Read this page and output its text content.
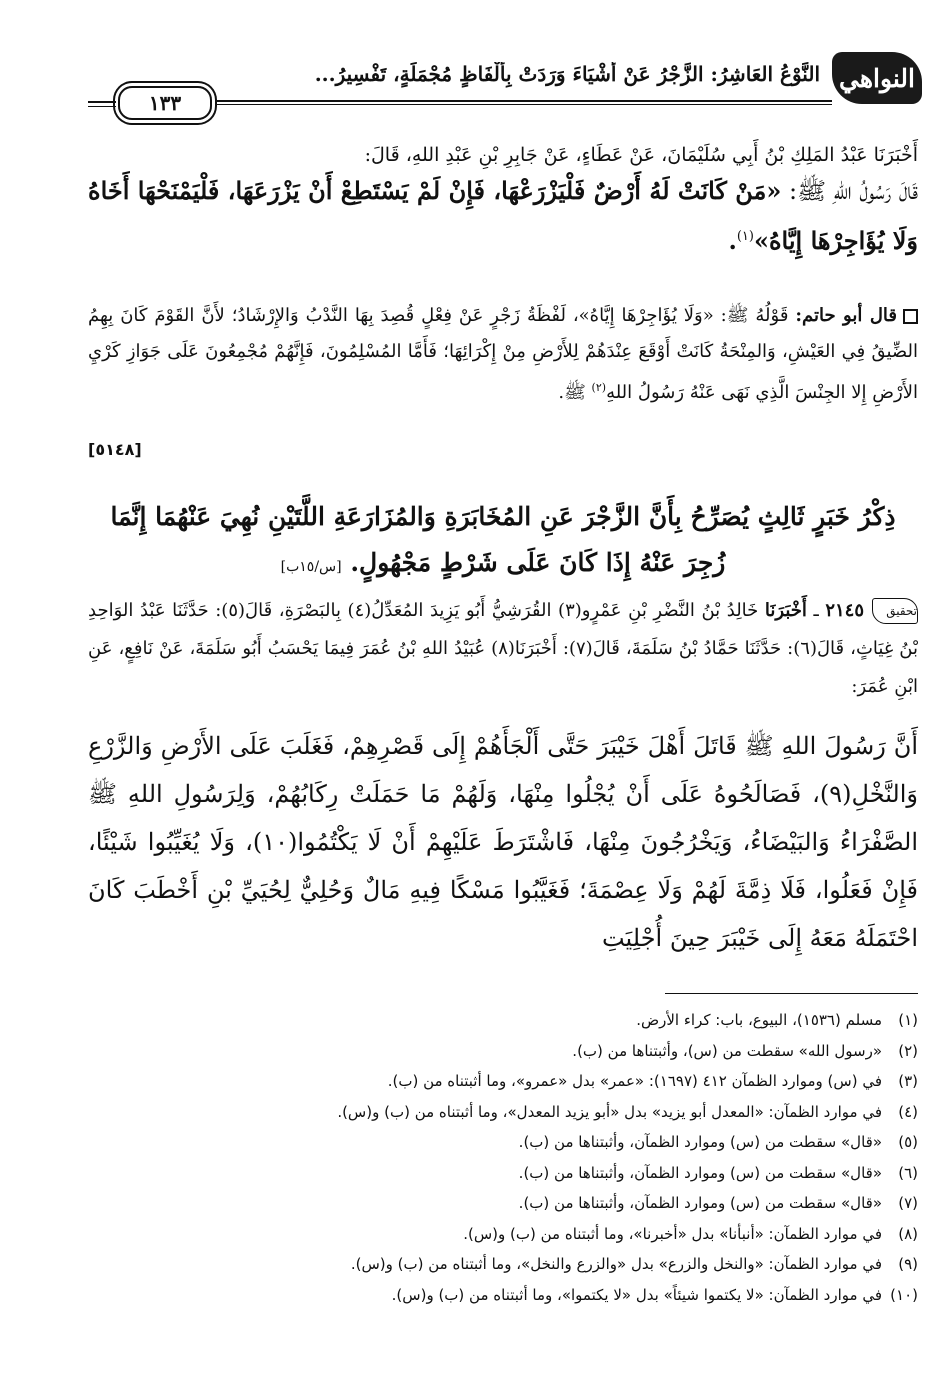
النواهي
النَّوْعُ العَاشِرُ: الزَّجْرُ عَنْ أَشْيَاءَ وَرَدَتْ بِأَلْفَاظٍ مُجْمَلَةٍ، تَفْسِيرُ...
١٣٣
أَخْبَرَنَا عَبْدُ المَلِكِ بْنُ أَبِي سُلَيْمَانَ، عَنْ عَطَاءٍ، عَنْ جَابِرِ بْنِ عَبْدِ اللهِ، قَالَ:
قَالَ رَسُولُ اللهِ ﷺ: «مَنْ كَانَتْ لَهُ أَرْضٌ فَلْيَزْرَعْهَا، فَإِنْ لَمْ يَسْتَطِعْ أَنْ يَزْرَعَهَا، فَلْيَمْنَحْهَا أَخَاهُ وَلَا يُؤَاجِرْهَا إِيَّاهُ»$^{(١)}$.
قال أبو حاتم: قَوْلُهُ ﷺ: «وَلَا يُؤَاجِرْهَا إِيَّاهُ»، لَفْظَةُ زَجْرٍ عَنْ فِعْلٍ قُصِدَ بِهَا النَّدْبُ وَالإِرْشَادُ؛ لأَنَّ القَوْمَ كَانَ بِهِمُ الضِّيقُ فِي العَيْشِ، وَالمِنْحَةُ كَانَتْ أَوْقَعَ عِنْدَهُمْ لِلأَرْضِ مِنْ إِكْرَائِهَا؛ فَأَمَّا المُسْلِمُونَ، فَإِنَّهُمْ مُجْمِعُونَ عَلَى جَوَازِ كَرْيِ الأَرْضِ إِلا الجِنْسَ الَّذِي نَهَى عَنْهُ رَسُولُ اللهِ$^{(٢)}$ ﷺ.
[٥١٤٨]
ذِكْرُ خَبَرٍ ثَالِثٍ يُصَرِّحُ بِأَنَّ الزَّجْرَ عَنِ المُخَابَرَةِ وَالمُزَارَعَةِ اللَّتَيْنِ نُهِيَ عَنْهُمَا إِنَّمَا زُجِرَ عَنْهُ إِذَا كَانَ عَلَى شَرْطٍ مَجْهُولٍ. [س/١٥ب]
تحقيق٢١٤٥ ـ أَخْبَرَنَا خَالِدُ بْنُ النَّضْرِ بْنِ عَمْرٍو(٣) القُرَشِيُّ أَبُو يَزِيدَ المُعَدِّلُ(٤) بِالبَصْرَةِ، قَالَ(٥): حَدَّثَنَا عَبْدُ الوَاحِدِ بْنُ غِيَاثٍ، قَالَ(٦): حَدَّثَنَا حَمَّادُ بْنُ سَلَمَةَ، قَالَ(٧): أَخْبَرَنَا(٨) عُبَيْدُ اللهِ بْنُ عُمَرَ فِيمَا يَحْسَبُ أَبُو سَلَمَةَ، عَنْ نَافِعٍ، عَنِ ابْنِ عُمَرَ:
أَنَّ رَسُولَ اللهِ ﷺ قَاتَلَ أَهْلَ خَيْبَرَ حَتَّى أَلْجَأَهُمْ إِلَى قَصْرِهِمْ، فَغَلَبَ عَلَى الأَرْضِ وَالزَّرْعِ وَالنَّخْلِ(٩)، فَصَالَحُوهُ عَلَى أَنْ يُجْلُوا مِنْهَا، وَلَهُمْ مَا حَمَلَتْ رِكَابُهُمْ، وَلِرَسُولِ اللهِ ﷺ الصَّفْرَاءُ وَالبَيْضَاءُ، وَيَخْرُجُونَ مِنْهَا، فَاشْتَرَطَ عَلَيْهِمْ أَنْ لَا يَكْتُمُوا(١٠)، وَلَا يُغَيِّبُوا شَيْئًا، فَإِنْ فَعَلُوا، فَلَا ذِمَّةَ لَهُمْ وَلَا عِصْمَةَ؛ فَغَيَّبُوا مَسْكًا فِيهِ مَالٌ وَحُلِيٌّ لِحُيَيِّ بْنِ أَخْطَبَ كَانَ احْتَمَلَهُ مَعَهُ إِلَى خَيْبَرَ حِينَ أُجْلِيَتِ
(١)
مسلم (١٥٣٦)، البيوع، باب: كراء الأرض.
(٢)
«رسول الله» سقطت من (س)، وأثبتناها من (ب).
(٣)
في (س) وموارد الظمآن ٤١٢ (١٦٩٧): «عمر» بدل «عمرو»، وما أثبتناه من (ب).
(٤)
في موارد الظمآن: «المعدل أبو يزيد» بدل «أبو يزيد المعدل»، وما أثبتناه من (ب) و(س).
(٥)
«قال» سقطت من (س) وموارد الظمآن، وأثبتناها من (ب).
(٦)
«قال» سقطت من (س) وموارد الظمآن، وأثبتناها من (ب).
(٧)
«قال» سقطت من (س) وموارد الظمآن، وأثبتناها من (ب).
(٨)
في موارد الظمآن: «أنبأنا» بدل «أخبرنا»، وما أثبتناه من (ب) و(س).
(٩)
في موارد الظمآن: «والنخل والزرع» بدل «والزرع والنخل»، وما أثبتناه من (ب) و(س).
(١٠)
في موارد الظمآن: «لا يكتموا شيئاً» بدل «لا يكتموا»، وما أثبتناه من (ب) و(س).
